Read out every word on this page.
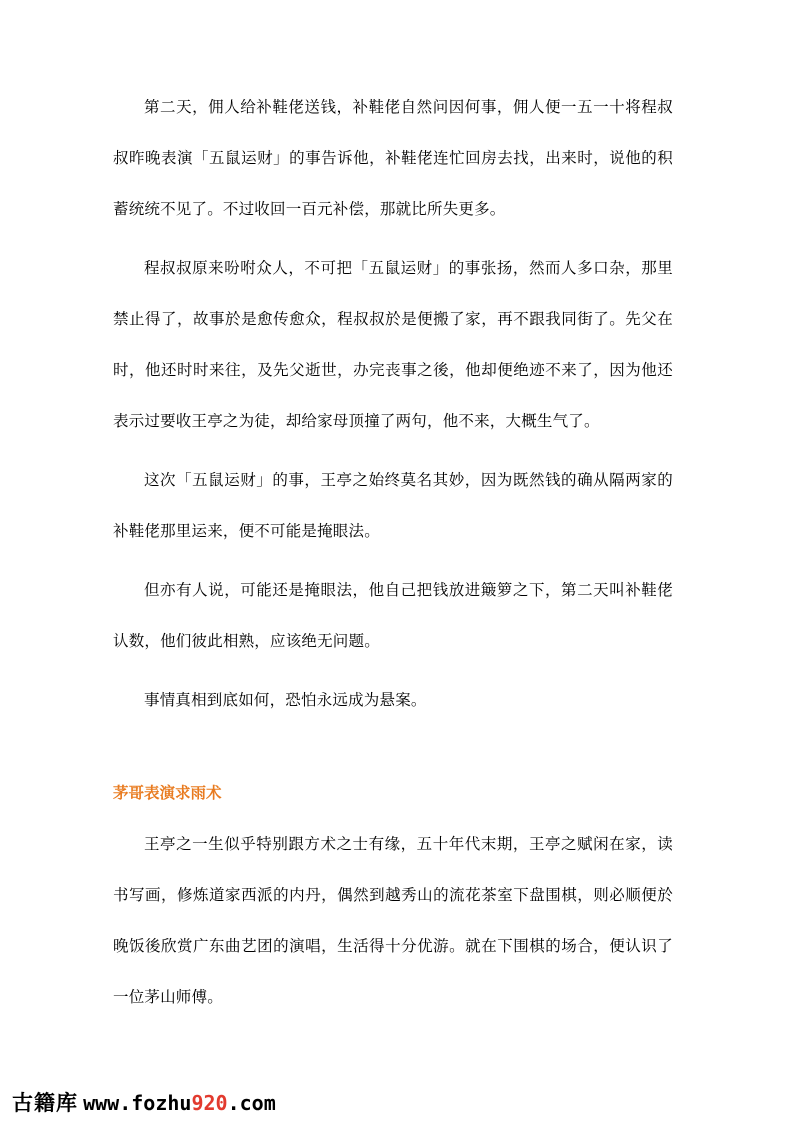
第二天，佣人给补鞋佬送钱，补鞋佬自然问因何事，佣人便一五一十将程叔叔昨晚表演「五鼠运财」的事告诉他，补鞋佬连忙回房去找，出来时，说他的积蓄统统不见了。不过收回一百元补偿，那就比所失更多。

程叔叔原来吩咐众人，不可把「五鼠运财」的事张扬，然而人多口杂，那里禁止得了，故事於是愈传愈众，程叔叔於是便搬了家，再不跟我同街了。先父在时，他还时时来往，及先父逝世，办完丧事之後，他却便绝迹不来了，因为他还表示过要收王亭之为徒，却给家母顶撞了两句，他不来，大概生气了。

这次「五鼠运财」的事，王亭之始终莫名其妙，因为既然钱的确从隔两家的补鞋佬那里运来，便不可能是掩眼法。

但亦有人说，可能还是掩眼法，他自己把钱放进簸箩之下，第二天叫补鞋佬认数，他们彼此相熟，应该绝无问题。

事情真相到底如何，恐怕永远成为悬案。

茅哥表演求雨术

王亭之一生似乎特别跟方术之士有缘，五十年代末期，王亭之赋闲在家，读书写画，修炼道家西派的内丹，偶然到越秀山的流花茶室下盘围棋，则必顺便於晚饭後欣赏广东曲艺团的演唱，生活得十分优游。就在下围棋的场合，便认识了一位茅山师傅。

古籍库 www.fozhu920.com
